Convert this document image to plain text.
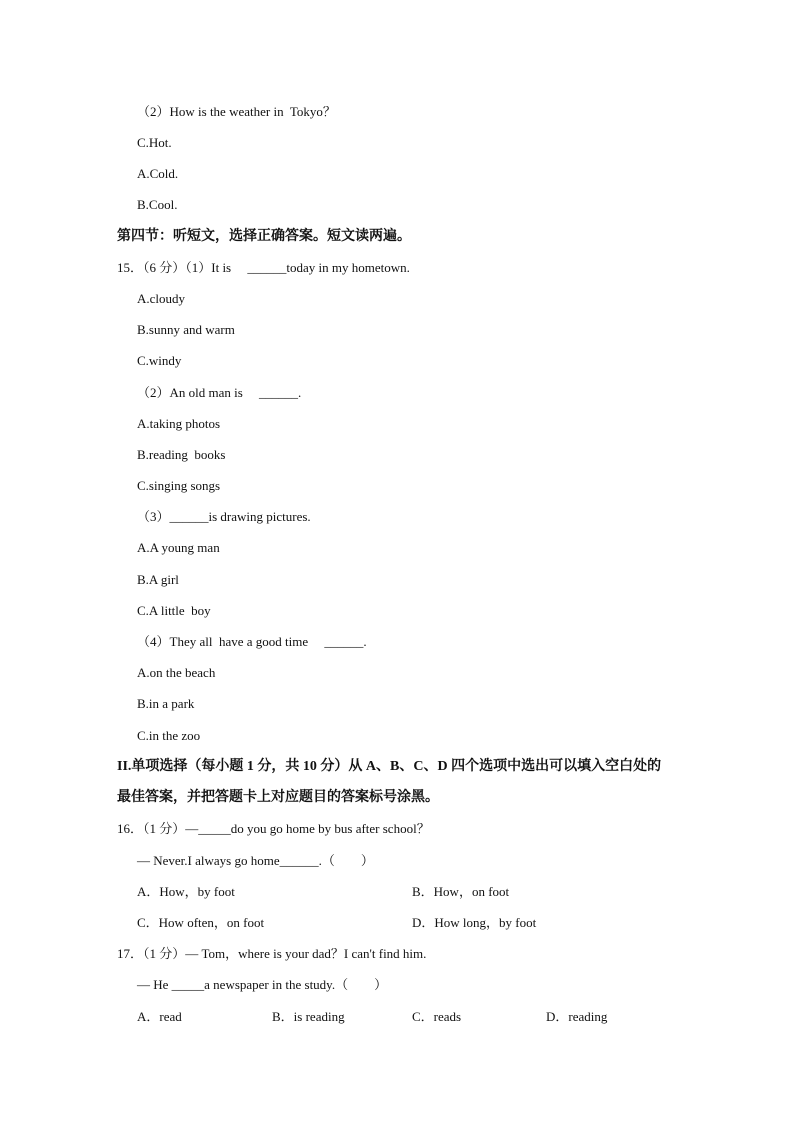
（2）How is the weather in  Tokyo？
C.Hot.
A.Cold.
B.Cool.
第四节：听短文，选择正确答案。短文读两遍。
15．（6 分）（1）It is     ______today in my hometown.
A.cloudy
B.sunny and warm
C.windy
（2）An old man is     ______.
A.taking photos
B.reading  books
C.singing songs
（3）______is drawing pictures.
A.A young man
B.A girl
C.A little  boy
（4）They all  have a good time     ______.
A.on the beach
B.in a park
C.in the zoo
II.单项选择（每小题 1 分，共 10 分）从 A、B、C、D 四个选项中选出可以填入空白处的
最佳答案，并把答题卡上对应题目的答案标号涂黑。
16．（1 分）—_____do you go home by bus after school？
— Never.I always go home______.（        ）
A．How，by foot	B．How，on foot
C．How often，on foot	D．How long，by foot
17．（1 分）— Tom，where is your dad？I can't find him.
— He _____a newspaper in the study.（        ）
A．read	B．is reading	C．reads	D．reading
